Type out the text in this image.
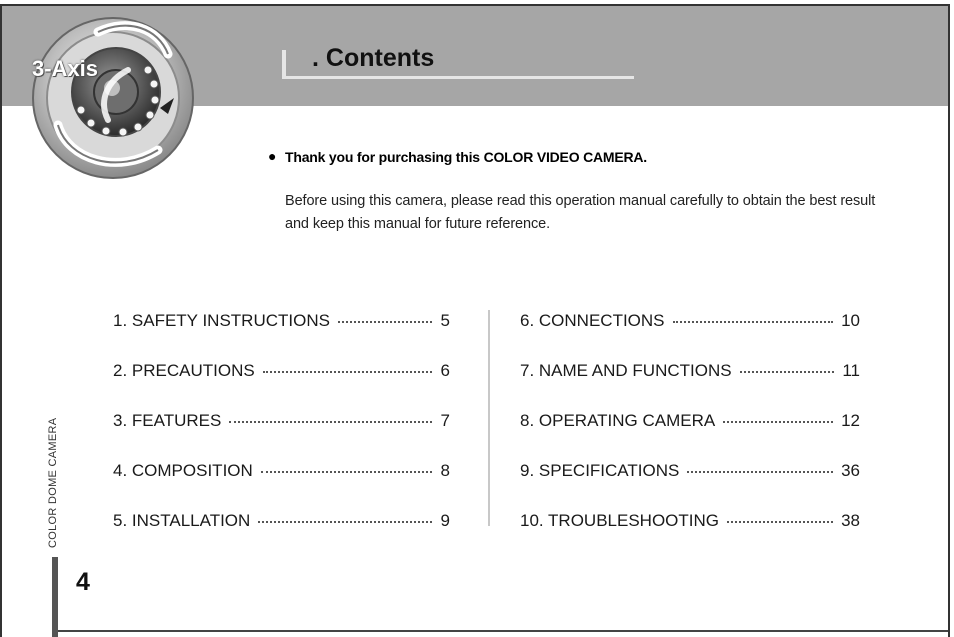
3-Axis	. Contents
● Thank you for purchasing this COLOR VIDEO CAMERA.
Before using this camera, please read this operation manual carefully to obtain the best result and keep this manual for future reference.
1. SAFETY INSTRUCTIONS	5
2. PRECAUTIONS	6
3. FEATURES	7
4. COMPOSITION	8
5. INSTALLATION	9
6. CONNECTIONS	10
7. NAME AND FUNCTIONS	11
8. OPERATING CAMERA	12
9. SPECIFICATIONS	36
10. TROUBLESHOOTING	38
COLOR DOME CAMERA
4
